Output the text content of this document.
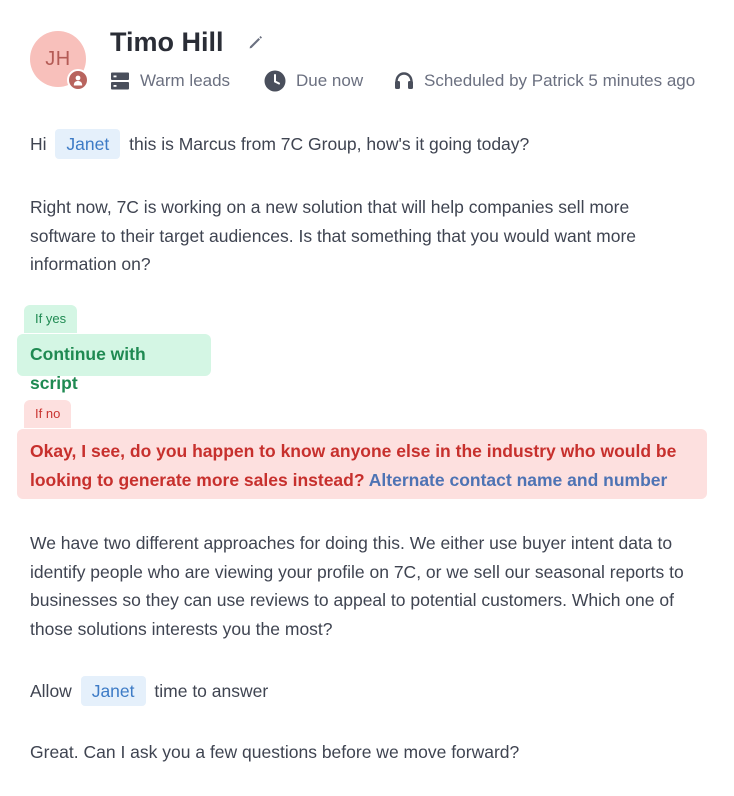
JH
Timo Hill
Warm leads	Due now	Scheduled by Patrick 5 minutes ago

Hi Janet this is Marcus from 7C Group, how's it going today?

Right now, 7C is working on a new solution that will help companies sell more software to their target audiences. Is that something that you would want more information on?

If yes
Continue with script
If no
Okay, I see, do you happen to know anyone else in the industry who would be looking to generate more sales instead? Alternate contact name and number

We have two different approaches for doing this. We either use buyer intent data to identify people who are viewing your profile on 7C, or we sell our seasonal reports to businesses so they can use reviews to appeal to potential customers. Which one of those solutions interests you the most?

Allow Janet time to answer

Great. Can I ask you a few questions before we move forward?
